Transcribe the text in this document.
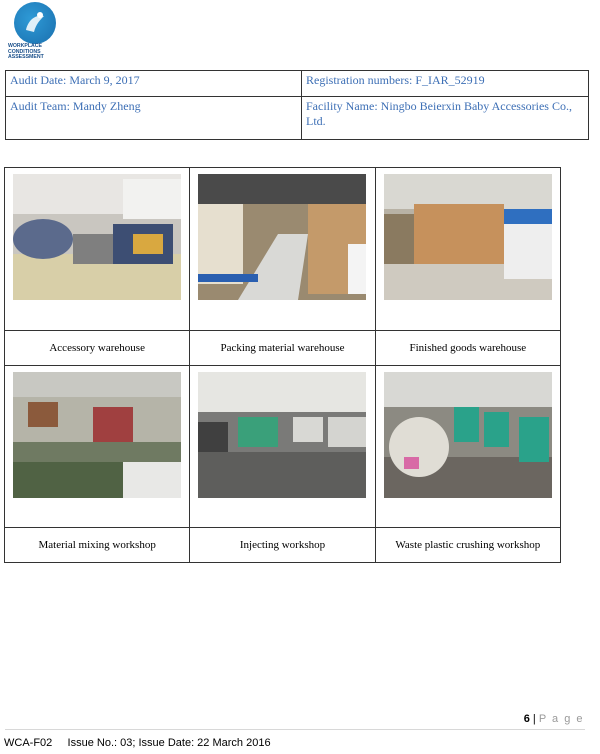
WORKPLACE
CONDITIONS
ASSESSMENT
Audit Date: March 9, 2017	Registration numbers: F_IAR_52919
Audit Team: Mandy Zheng	Facility Name: Ningbo Beierxin Baby Accessories Co., Ltd.

Accessory warehouse	Packing material warehouse	Finished goods warehouse

Material mixing workshop	Injecting workshop	Waste plastic crushing workshop
6 | P a g e
WCA-F02     Issue No.: 03; Issue Date: 22 March 2016
